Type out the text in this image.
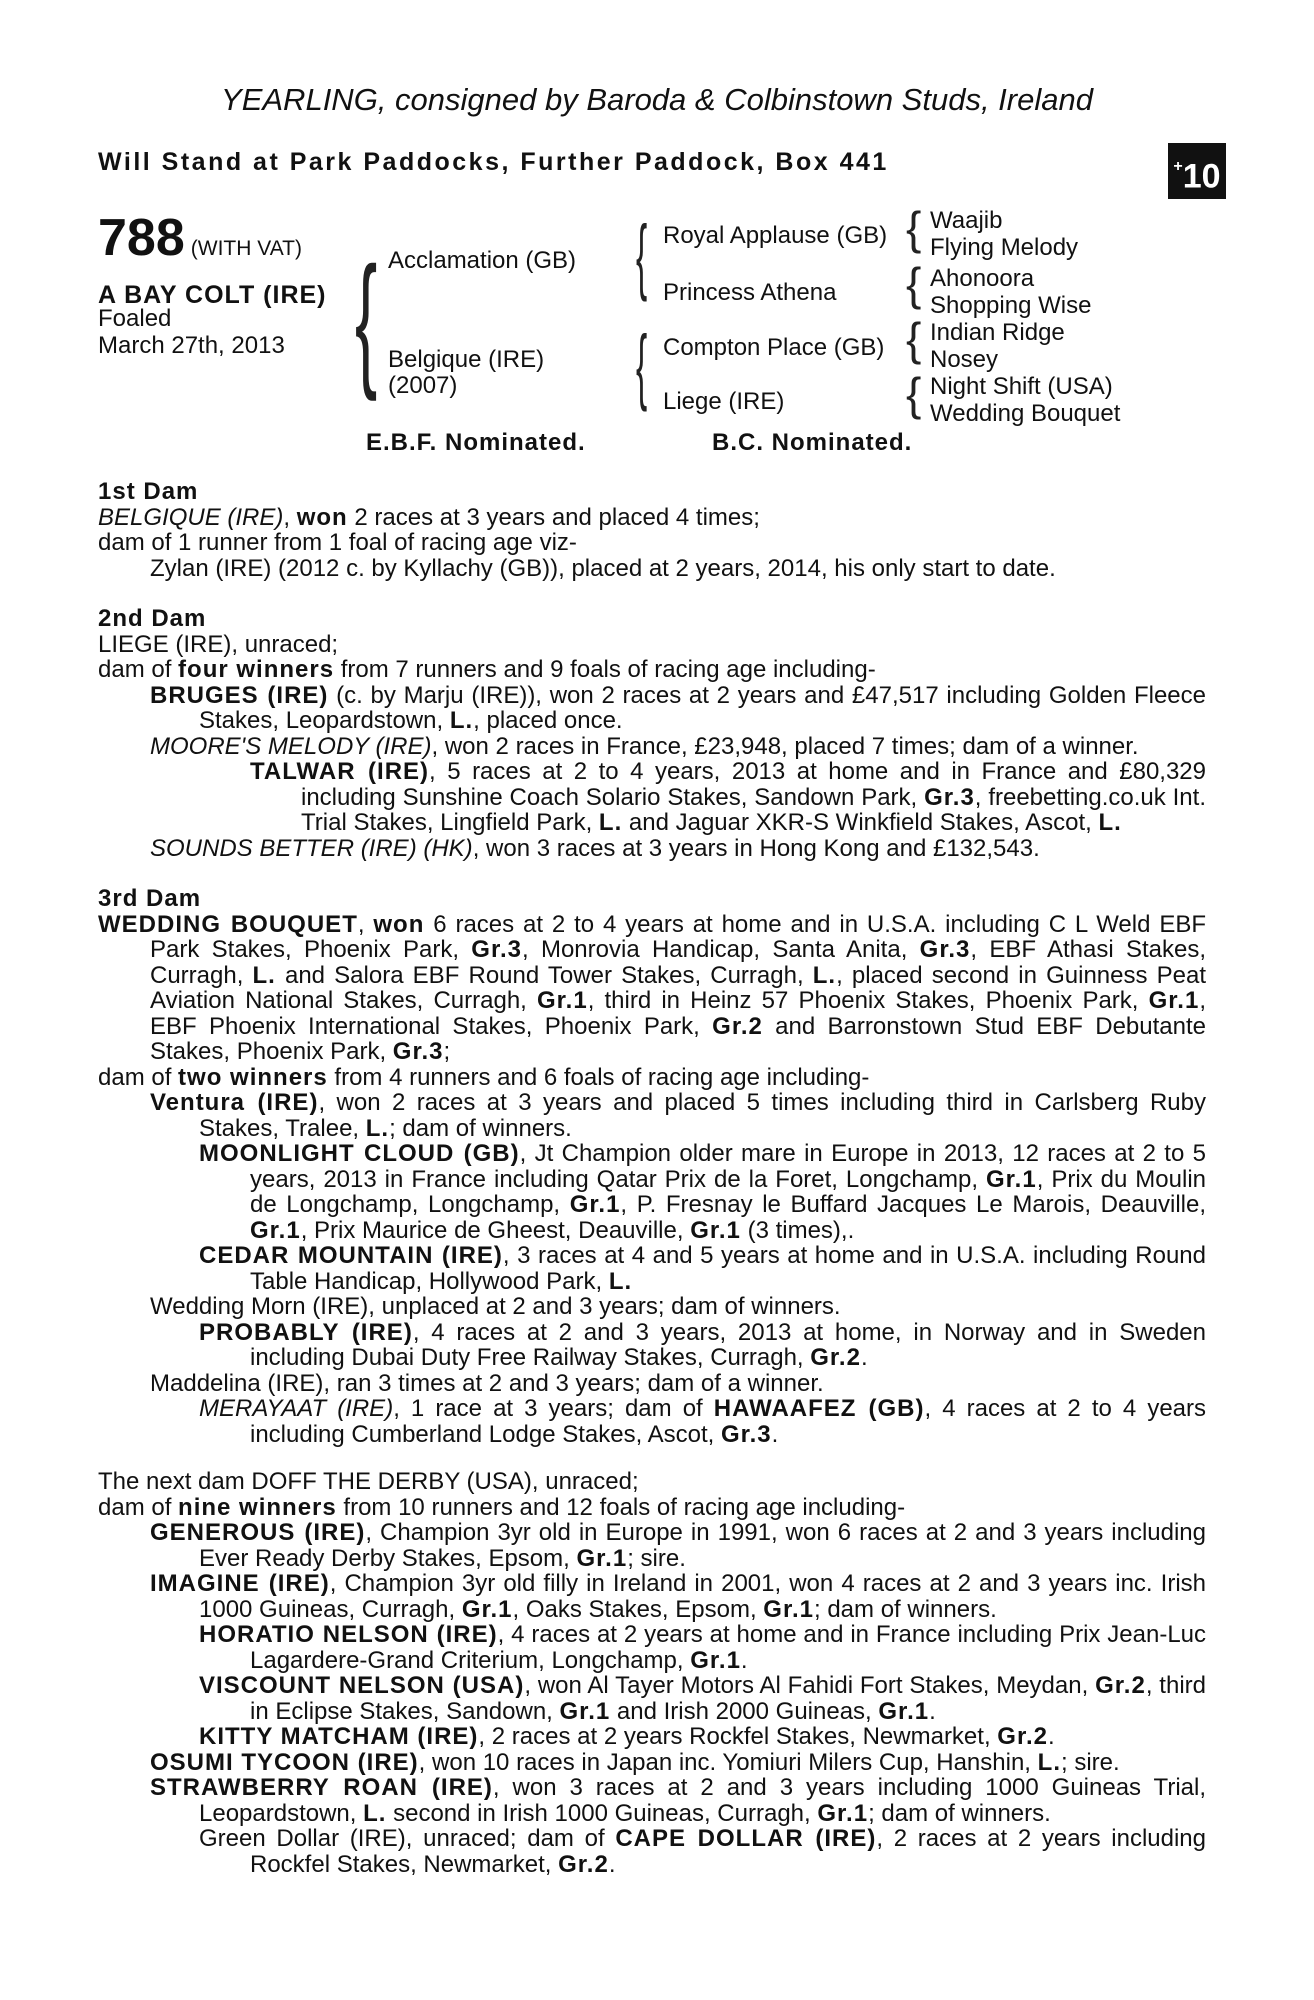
YEARLING, consigned by Baroda & Colbinstown Studs, Ireland
Will Stand at Park Paddocks, Further Paddock, Box 441	+10
788 (WITH VAT)
A BAY COLT (IRE)
Foaled
March 27th, 2013 { Acclamation (GB)
Belgique (IRE)
(2007)
{
{
Royal Applause (GB)
Princess Athena
Compton Place (GB)
Liege (IRE)
{
{
{
{
Waajib
Flying Melody
Ahonoora
Shopping Wise
Indian Ridge
Nosey
Night Shift (USA)
Wedding Bouquet
E.B.F. Nominated.	B.C. Nominated.

1st Dam

BELGIQUE (IRE), won 2 races at 3 years and placed 4 times;

dam of 1 runner from 1 foal of racing age viz-

Zylan (IRE) (2012 c. by Kyllachy (GB)), placed at 2 years, 2014, his only start to date.

2nd Dam

LIEGE (IRE), unraced;

dam of four winners from 7 runners and 9 foals of racing age including-

BRUGES (IRE) (c. by Marju (IRE)), won 2 races at 2 years and £47,517 including Golden Fleece Stakes, Leopardstown, L., placed once.

MOORE'S MELODY (IRE), won 2 races in France, £23,948, placed 7 times; dam of a winner.

TALWAR (IRE), 5 races at 2 to 4 years, 2013 at home and in France and £80,329 including Sunshine Coach Solario Stakes, Sandown Park, Gr.3, freebetting.co.uk Int. Trial Stakes, Lingfield Park, L. and Jaguar XKR-S Winkfield Stakes, Ascot, L.

SOUNDS BETTER (IRE) (HK), won 3 races at 3 years in Hong Kong and £132,543.

3rd Dam

WEDDING BOUQUET, won 6 races at 2 to 4 years at home and in U.S.A. including C L Weld EBF Park Stakes, Phoenix Park, Gr.3, Monrovia Handicap, Santa Anita, Gr.3, EBF Athasi Stakes, Curragh, L. and Salora EBF Round Tower Stakes, Curragh, L., placed second in Guinness Peat Aviation National Stakes, Curragh, Gr.1, third in Heinz 57 Phoenix Stakes, Phoenix Park, Gr.1, EBF Phoenix International Stakes, Phoenix Park, Gr.2 and Barronstown Stud EBF Debutante Stakes, Phoenix Park, Gr.3;

dam of two winners from 4 runners and 6 foals of racing age including-

Ventura (IRE), won 2 races at 3 years and placed 5 times including third in Carlsberg Ruby Stakes, Tralee, L.; dam of winners.

MOONLIGHT CLOUD (GB), Jt Champion older mare in Europe in 2013, 12 races at 2 to 5 years, 2013 in France including Qatar Prix de la Foret, Longchamp, Gr.1, Prix du Moulin de Longchamp, Longchamp, Gr.1, P. Fresnay le Buffard Jacques Le Marois, Deauville, Gr.1, Prix Maurice de Gheest, Deauville, Gr.1 (3 times),.

CEDAR MOUNTAIN (IRE), 3 races at 4 and 5 years at home and in U.S.A. including Round Table Handicap, Hollywood Park, L.

Wedding Morn (IRE), unplaced at 2 and 3 years; dam of winners.

PROBABLY (IRE), 4 races at 2 and 3 years, 2013 at home, in Norway and in Sweden including Dubai Duty Free Railway Stakes, Curragh, Gr.2.

Maddelina (IRE), ran 3 times at 2 and 3 years; dam of a winner.

MERAYAAT (IRE), 1 race at 3 years; dam of HAWAAFEZ (GB), 4 races at 2 to 4 years including Cumberland Lodge Stakes, Ascot, Gr.3.

The next dam DOFF THE DERBY (USA), unraced;

dam of nine winners from 10 runners and 12 foals of racing age including-

GENEROUS (IRE), Champion 3yr old in Europe in 1991, won 6 races at 2 and 3 years including Ever Ready Derby Stakes, Epsom, Gr.1; sire.

IMAGINE (IRE), Champion 3yr old filly in Ireland in 2001, won 4 races at 2 and 3 years inc. Irish 1000 Guineas, Curragh, Gr.1, Oaks Stakes, Epsom, Gr.1; dam of winners.

HORATIO NELSON (IRE), 4 races at 2 years at home and in France including Prix Jean-Luc Lagardere-Grand Criterium, Longchamp, Gr.1.

VISCOUNT NELSON (USA), won Al Tayer Motors Al Fahidi Fort Stakes, Meydan, Gr.2, third in Eclipse Stakes, Sandown, Gr.1 and Irish 2000 Guineas, Gr.1.

KITTY MATCHAM (IRE), 2 races at 2 years Rockfel Stakes, Newmarket, Gr.2.

OSUMI TYCOON (IRE), won 10 races in Japan inc. Yomiuri Milers Cup, Hanshin, L.; sire.

STRAWBERRY ROAN (IRE), won 3 races at 2 and 3 years including 1000 Guineas Trial, Leopardstown, L. second in Irish 1000 Guineas, Curragh, Gr.1; dam of winners.

Green Dollar (IRE), unraced; dam of CAPE DOLLAR (IRE), 2 races at 2 years including Rockfel Stakes, Newmarket, Gr.2.
